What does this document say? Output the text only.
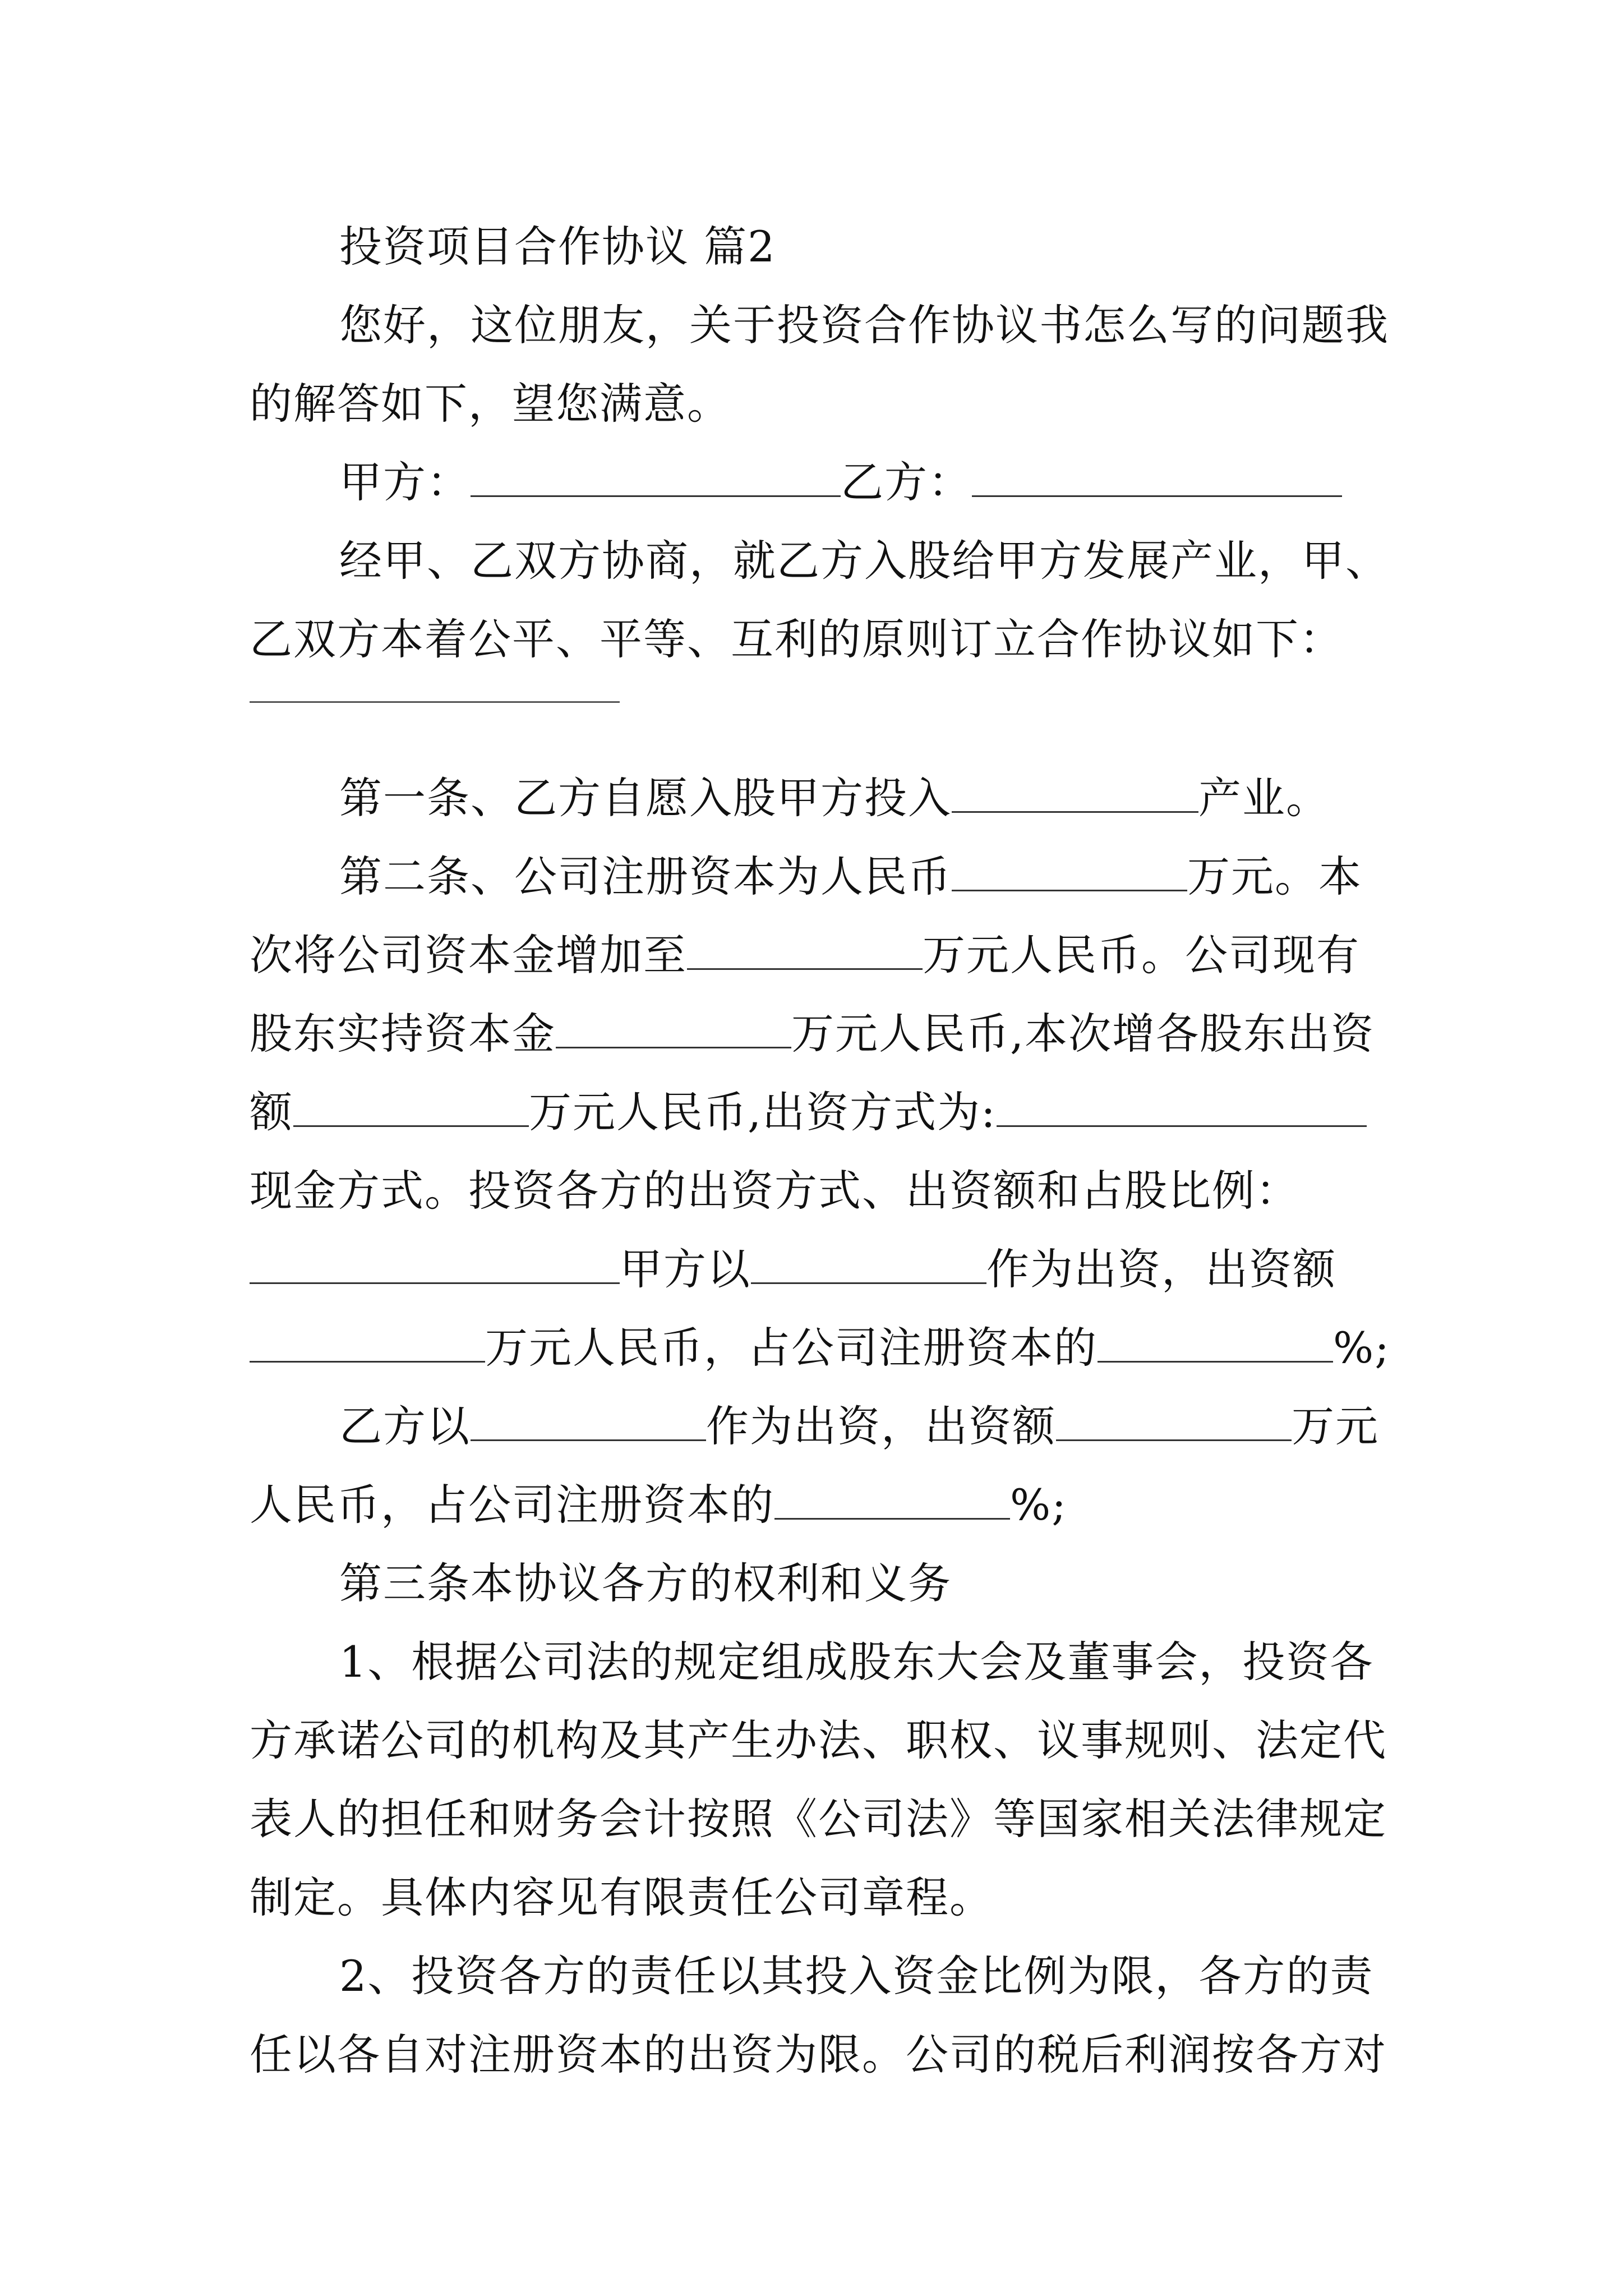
投资项目合作协议 篇2
您好，这位朋友，关于投资合作协议书怎么写的问题我
的解答如下，望您满意。
甲方：	乙方：
经甲、乙双方协商，就乙方入股给甲方发展产业，甲、
乙双方本着公平、平等、互利的原则订立合作协议如下：
第一条、乙方自愿入股甲方投入	产业。
第二条、公司注册资本为人民币	万元。本
次将公司资本金增加至	万元人民币。公司现有
股东实持资本金	万元人民币,本次增各股东出资
额	万元人民币,出资方式为:
现金方式。投资各方的出资方式、出资额和占股比例：
甲方以	作为出资，出资额
万元人民币，占公司注册资本的	%;
乙方以	作为出资，出资额	万元
人民币，占公司注册资本的	%;
第三条本协议各方的权利和义务
1、根据公司法的规定组成股东大会及董事会，投资各
方承诺公司的机构及其产生办法、职权、议事规则、法定代
表人的担任和财务会计按照《公司法》等国家相关法律规定
制定。具体内容见有限责任公司章程。
2、投资各方的责任以其投入资金比例为限，各方的责
任以各自对注册资本的出资为限。公司的税后利润按各方对
